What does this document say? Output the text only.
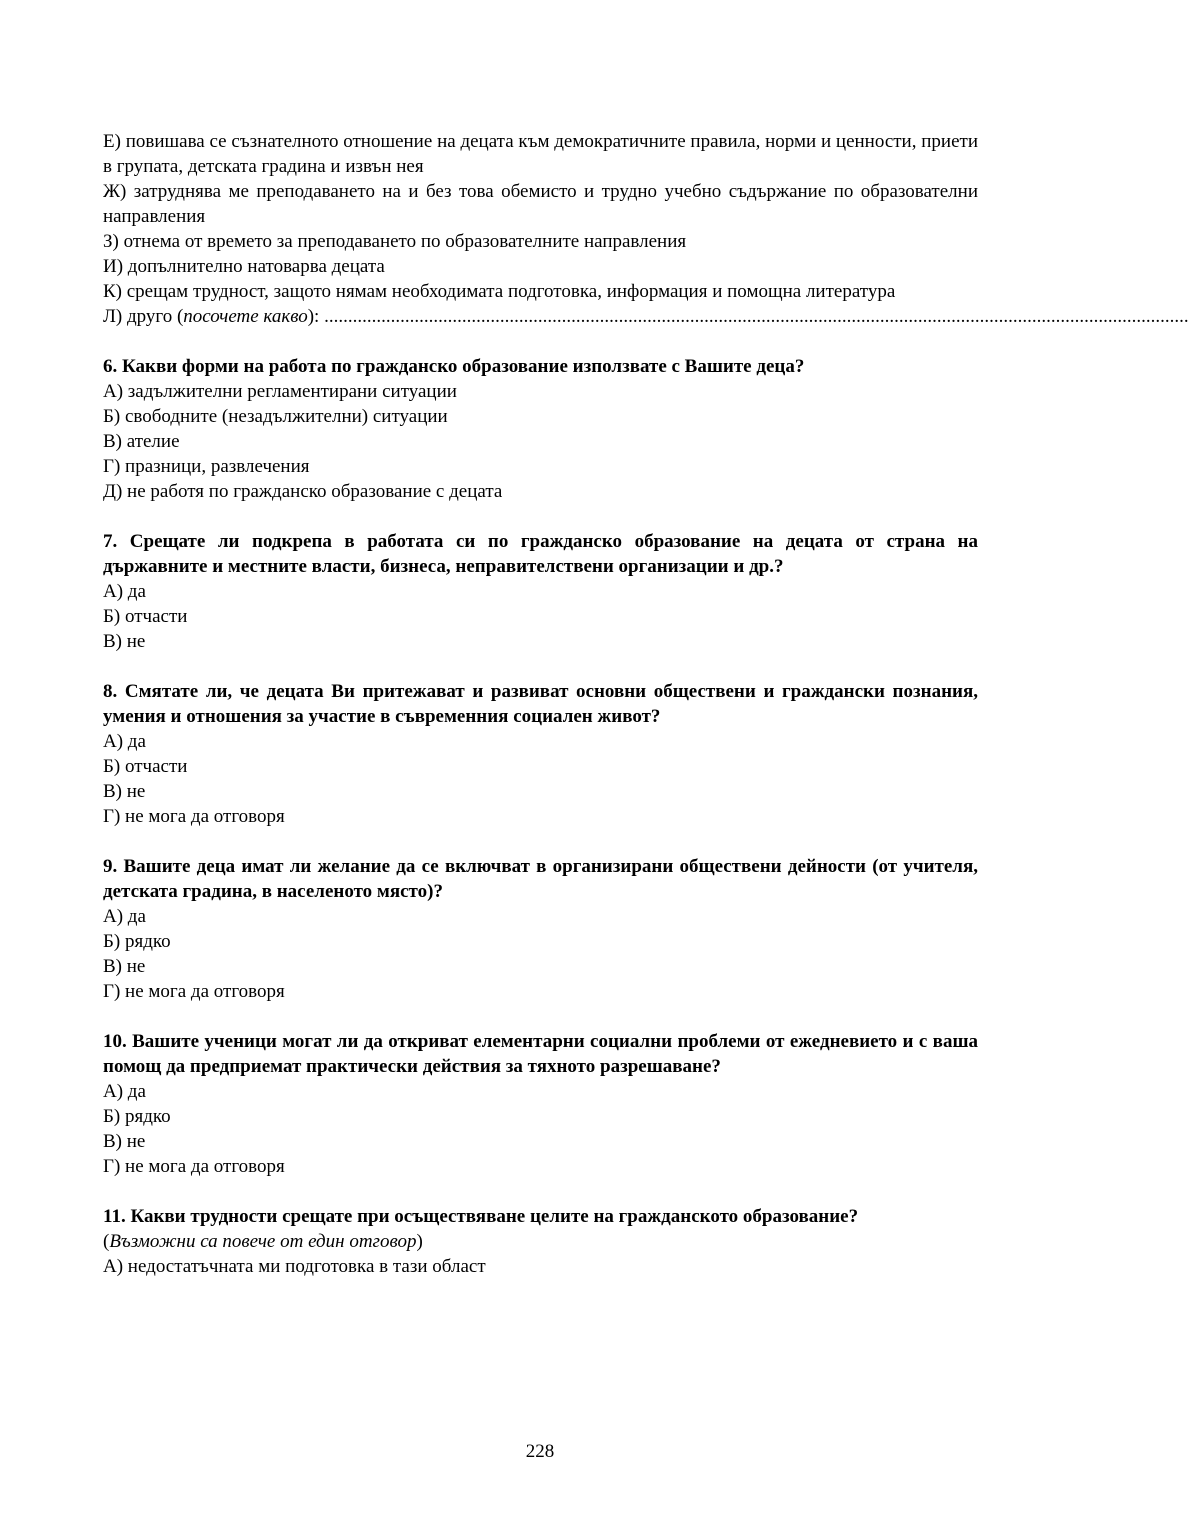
Е) повишава се съзнателното отношение на децата към демократичните правила, норми и ценности, приети в групата, детската градина и извън нея

Ж) затруднява ме преподаването на и без това обемисто и трудно учебно съдържание по образователни направления

З) отнема от времето за преподаването по образователните направления

И) допълнително натоварва децата

К) срещам трудност, защото нямам необходимата подготовка, информация и помощна литература

Л) друго (посочете какво): ......................................................................................................................................................................................

6. Какви форми на работа по гражданско образование използвате с Вашите деца?

А) задължителни регламентирани ситуации

Б) свободните (незадължителни) ситуации

В) ателие

Г) празници, развлечения

Д) не работя по гражданско образование с децата

7. Срещате ли подкрепа в работата си по гражданско образование на децата от страна на държавните и местните власти, бизнеса, неправителствени организации и др.?

А) да

Б) отчасти

В) не

8. Смятате ли, че децата Ви притежават и развиват основни обществени и граждански познания, умения и отношения за участие в съвременния социален живот?

А) да

Б) отчасти

В) не

Г) не мога да отговоря

9. Вашите деца имат ли желание да се включват в организирани обществени дейности (от учителя, детската градина, в населеното място)?

А) да

Б) рядко

В) не

Г) не мога да отговоря

10. Вашите ученици могат ли да откриват елементарни социални проблеми от ежедневието и с ваша помощ да предприемат практически действия за тяхното разрешаване?

А) да

Б) рядко

В) не

Г) не мога да отговоря

11. Какви трудности срещате при осъществяване целите на гражданското образование?

(Възможни са повече от един отговор)

А) недостатъчната ми подготовка в тази област

228
